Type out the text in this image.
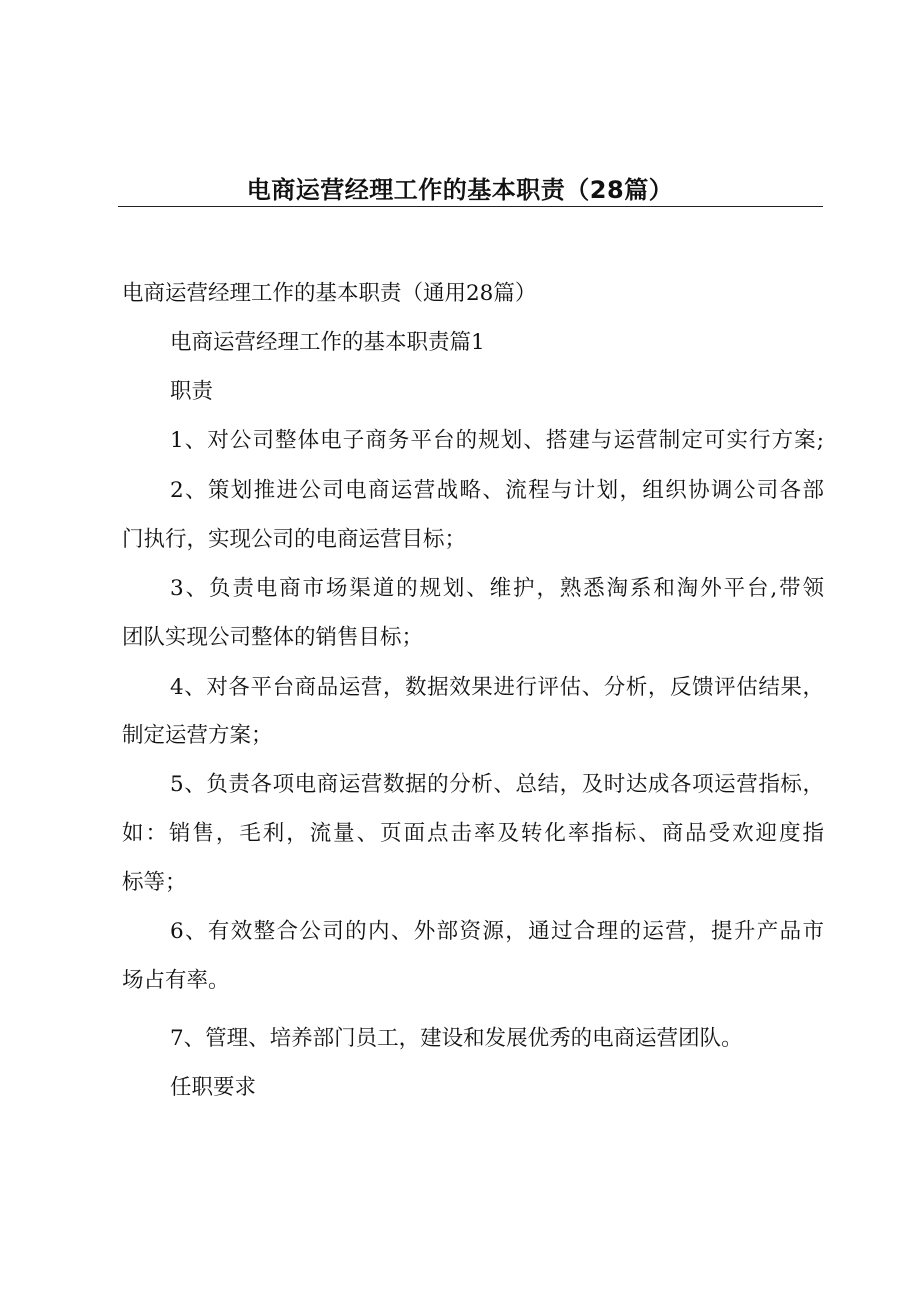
电商运营经理工作的基本职责（28篇）

电商运营经理工作的基本职责（通用28篇）

电商运营经理工作的基本职责篇1

职责

1、对公司整体电子商务平台的规划、搭建与运营制定可实行方案;

2、策划推进公司电商运营战略、流程与计划，组织协调公司各部

门执行，实现公司的电商运营目标；

3、负责电商市场渠道的规划、维护，熟悉淘系和淘外平台,带领

团队实现公司整体的销售目标；

4、对各平台商品运营，数据效果进行评估、分析，反馈评估结果，

制定运营方案；

5、负责各项电商运营数据的分析、总结，及时达成各项运营指标，

如：销售，毛利，流量、页面点击率及转化率指标、商品受欢迎度指

标等；

6、有效整合公司的内、外部资源，通过合理的运营，提升产品市

场占有率。

7、管理、培养部门员工，建设和发展优秀的电商运营团队。

任职要求
